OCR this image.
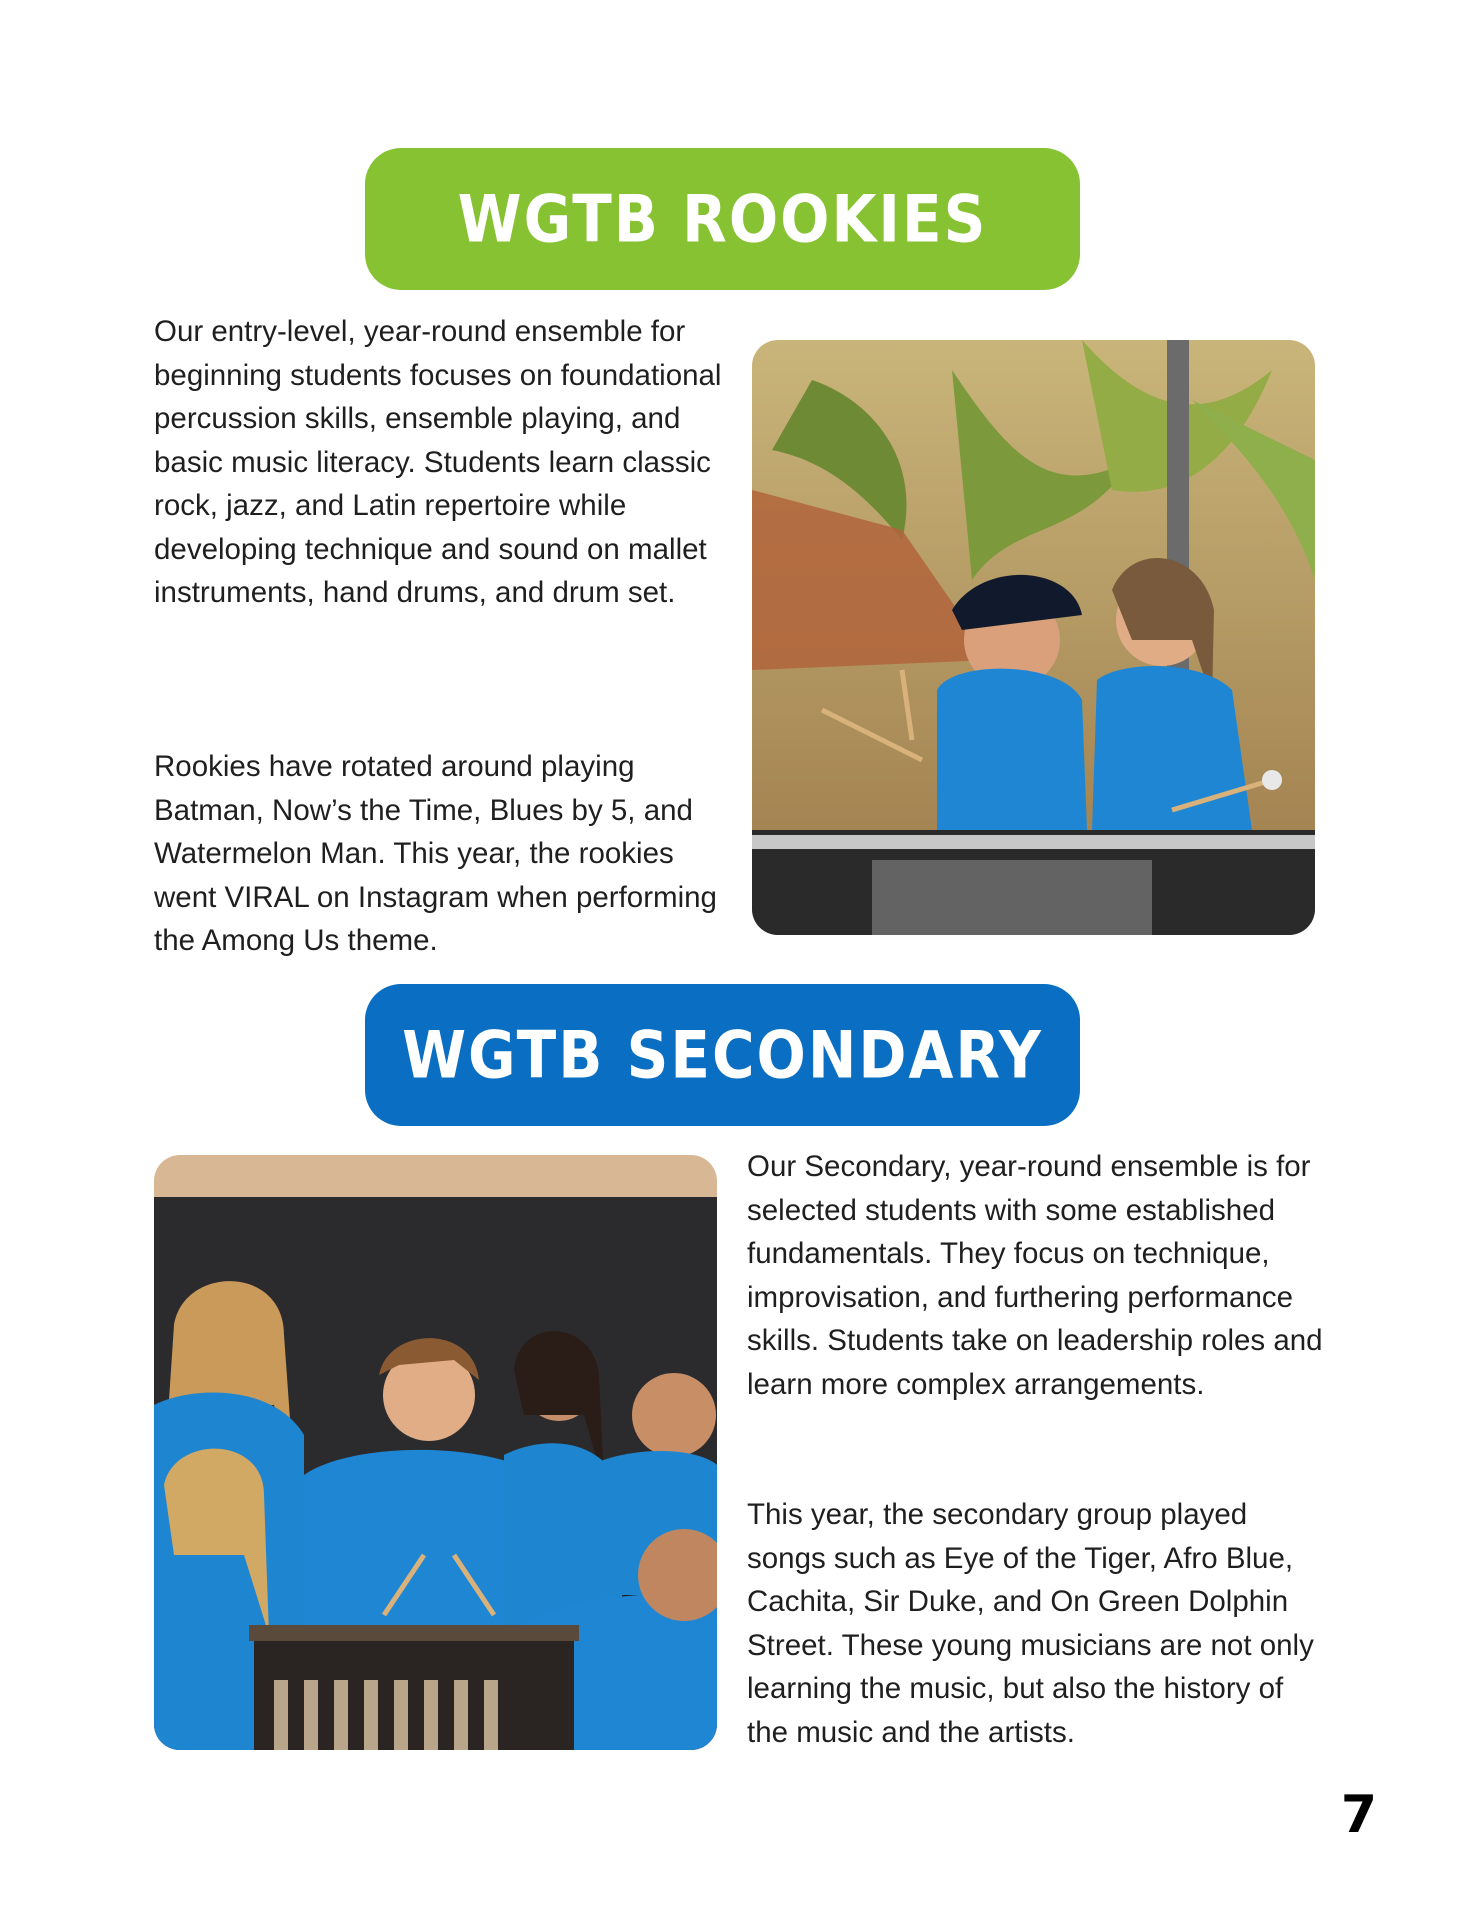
WGTB ROOKIES

Our entry-level, year-round ensemble for beginning students focuses on foundational percussion skills, ensemble playing, and basic music literacy. Students learn classic rock, jazz, and Latin repertoire while developing technique and sound on mallet instruments, hand drums, and drum set.

Rookies have rotated around playing Batman, Now’s the Time, Blues by 5, and Watermelon Man. This year, the rookies went VIRAL on Instagram when performing the Among Us theme.

WGTB SECONDARY

Our Secondary, year-round ensemble is for selected students with some established fundamentals. They focus on technique, improvisation, and furthering performance skills. Students take on leadership roles and learn more complex arrangements.

This year, the secondary group played songs such as Eye of the Tiger, Afro Blue, Cachita, Sir Duke, and On Green Dolphin Street. These young musicians are not only learning the music, but also the history of the music and the artists.

7
